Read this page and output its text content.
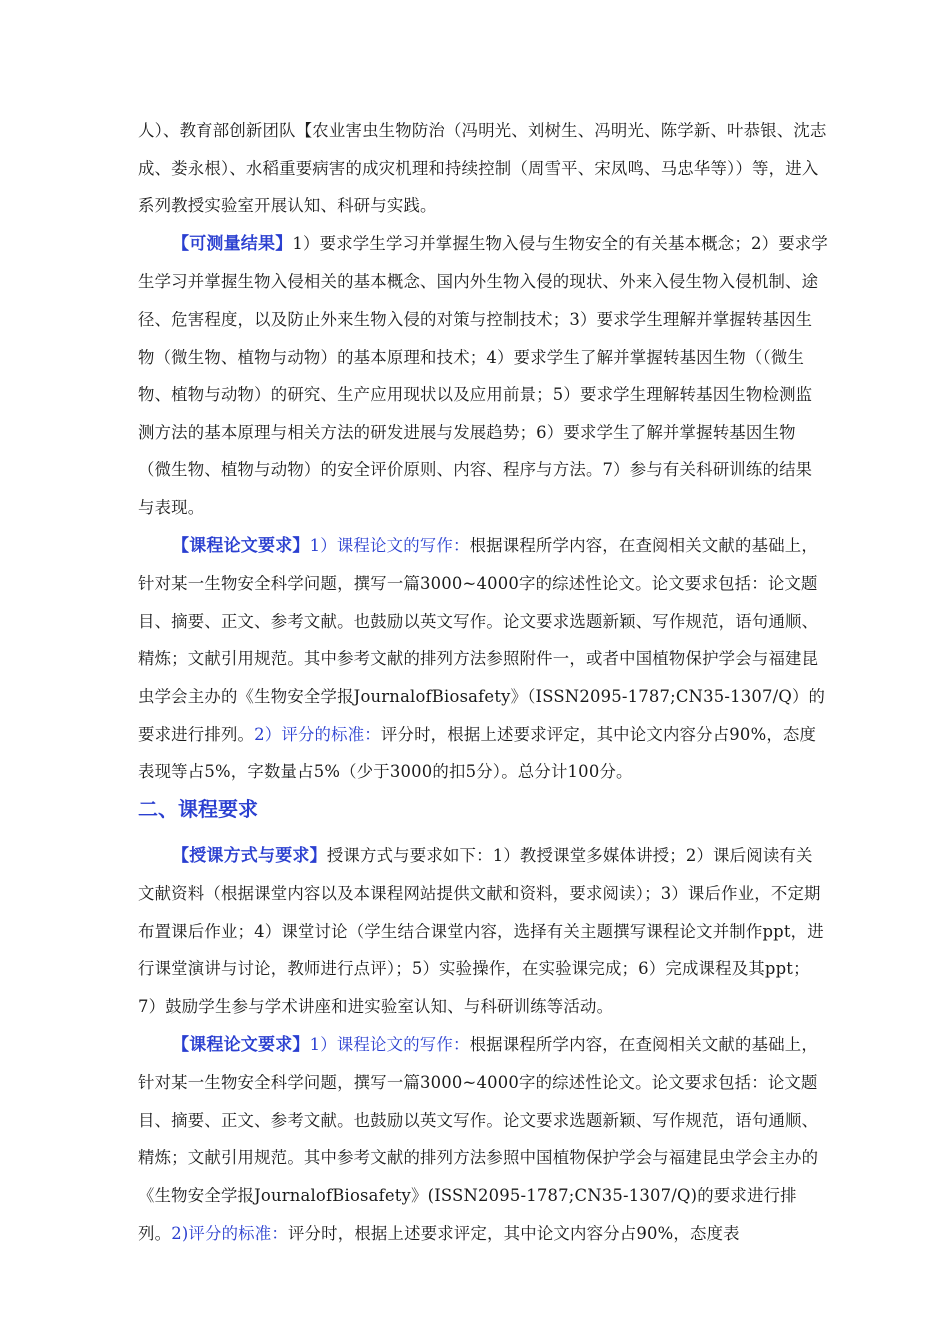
人）、教育部创新团队【农业害虫生物防治（冯明光、刘树生、冯明光、陈学新、叶恭银、沈志成、娄永根）、水稻重要病害的成灾机理和持续控制（周雪平、宋凤鸣、马忠华等））等，进入系列教授实验室开展认知、科研与实践。

【可测量结果】1）要求学生学习并掌握生物入侵与生物安全的有关基本概念；2）要求学生学习并掌握生物入侵相关的基本概念、国内外生物入侵的现状、外来入侵生物入侵机制、途径、危害程度，以及防止外来生物入侵的对策与控制技术；3）要求学生理解并掌握转基因生物（微生物、植物与动物）的基本原理和技术；4）要求学生了解并掌握转基因生物（（微生物、植物与动物）的研究、生产应用现状以及应用前景；5）要求学生理解转基因生物检测监测方法的基本原理与相关方法的研发进展与发展趋势；6）要求学生了解并掌握转基因生物（微生物、植物与动物）的安全评价原则、内容、程序与方法。7）参与有关科研训练的结果与表现。

【课程论文要求】1）课程论文的写作：根据课程所学内容，在查阅相关文献的基础上，针对某一生物安全科学问题，撰写一篇3000~4000字的综述性论文。论文要求包括：论文题目、摘要、正文、参考文献。也鼓励以英文写作。论文要求选题新颖、写作规范，语句通顺、精炼；文献引用规范。其中参考文献的排列方法参照附件一，或者中国植物保护学会与福建昆虫学会主办的《生物安全学报JournalofBiosafety》（ISSN2095-1787;CN35-1307/Q）的要求进行排列。2）评分的标准：评分时，根据上述要求评定，其中论文内容分占90%，态度表现等占5%，字数量占5%（少于3000的扣5分）。总分计100分。

二、课程要求

【授课方式与要求】授课方式与要求如下：1）教授课堂多媒体讲授；2）课后阅读有关文献资料（根据课堂内容以及本课程网站提供文献和资料，要求阅读）；3）课后作业，不定期布置课后作业；4）课堂讨论（学生结合课堂内容，选择有关主题撰写课程论文并制作ppt，进行课堂演讲与讨论，教师进行点评）；5）实验操作，在实验课完成；6）完成课程及其ppt；7）鼓励学生参与学术讲座和进实验室认知、与科研训练等活动。

【课程论文要求】1）课程论文的写作：根据课程所学内容，在查阅相关文献的基础上，针对某一生物安全科学问题，撰写一篇3000~4000字的综述性论文。论文要求包括：论文题目、摘要、正文、参考文献。也鼓励以英文写作。论文要求选题新颖、写作规范，语句通顺、精炼；文献引用规范。其中参考文献的排列方法参照中国植物保护学会与福建昆虫学会主办的《生物安全学报JournalofBiosafety》(ISSN2095-1787;CN35-1307/Q)的要求进行排列。2)评分的标准：评分时，根据上述要求评定，其中论文内容分占90%，态度表
